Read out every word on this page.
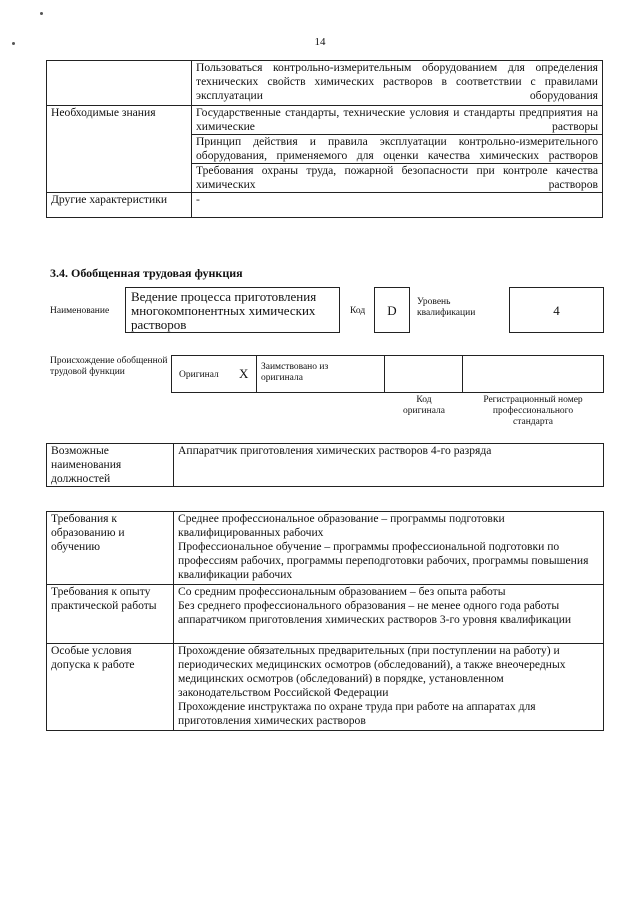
14
	Пользоваться контрольно-измерительным оборудованием для определения технических свойств химических растворов в соответствии с правилами эксплуатации оборудования
Необходимые знания	Государственные стандарты, технические условия и стандарты предприятия на химические растворы
	Принцип действия и правила эксплуатации контрольно-измерительного оборудования, применяемого для оценки качества химических растворов
	Требования охраны труда, пожарной безопасности при контроле качества химических растворов
Другие характеристики	-
3.4. Обобщенная трудовая функция
Наименование
Ведение процесса приготовления многокомпонентных химических растворов
Код	D
Уровень квалификации	4
Происхождение обобщенной трудовой функции	Оригинал X Заимствовано из оригинала
Код оригинала
Регистрационный номер профессионального стандарта
Возможные наименования должностей	Аппаратчик приготовления химических растворов 4-го разряда
Требования к образованию и обучению	Среднее профессиональное образование – программы подготовки квалифицированных рабочих
Профессиональное обучение – программы профессиональной подготовки по профессиям рабочих, программы переподготовки рабочих, программы повышения квалификации рабочих

Требования к опыту практической работы	Со средним профессиональным образованием – без опыта работы
Без среднего профессионального образования – не менее одного года работы аппаратчиком приготовления химических растворов 3-го уровня квалификации

Особые условия допуска к работе	Прохождение обязательных предварительных (при поступлении на работу) и периодических медицинских осмотров (обследований), а также внеочередных медицинских осмотров (обследований) в порядке, установленном законодательством Российской Федерации
Прохождение инструктажа по охране труда при работе на аппаратах для приготовления химических растворов
